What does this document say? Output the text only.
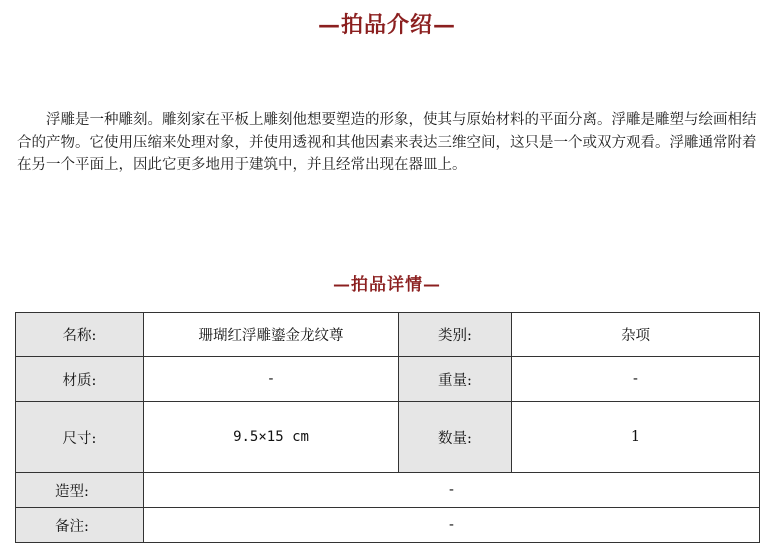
—拍品介绍—

浮雕是一种雕刻。雕刻家在平板上雕刻他想要塑造的形象，使其与原始材料的平面分离。浮雕是雕塑与绘画相结合的产物。它使用压缩来处理对象，并使用透视和其他因素来表达三维空间，这只是一个或双方观看。浮雕通常附着在另一个平面上，因此它更多地用于建筑中，并且经常出现在器皿上。

—拍品详情—
名称:	珊瑚红浮雕鎏金龙纹尊	类别:	杂项
材质:	-	重量:	-
尺寸:	9.5×15 cm	数量:	1
造型:	-		
备注:	-		
